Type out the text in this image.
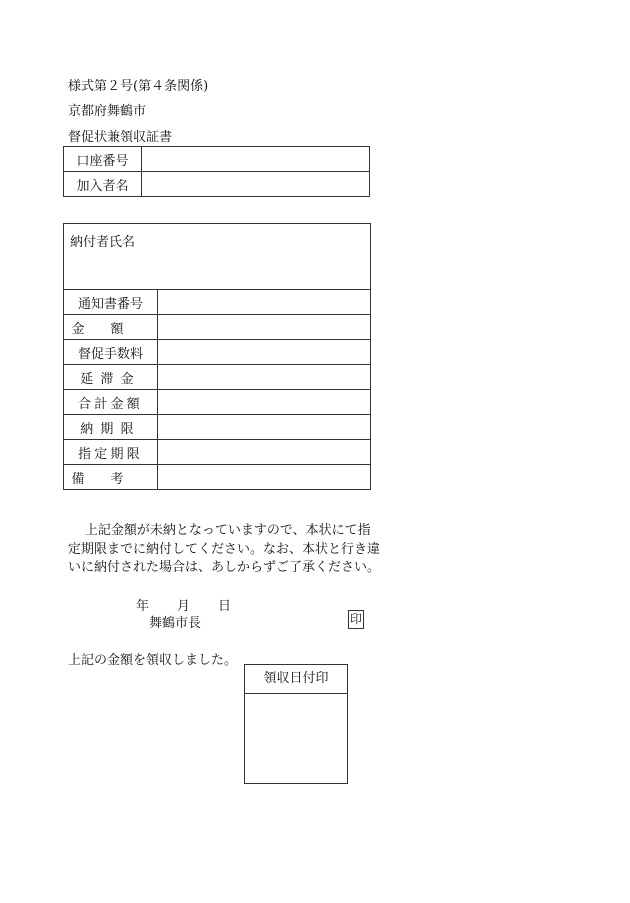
様式第２号(第４条関係)
京都府舞鶴市
督促状兼領収証書
口座番号	
加入者名	
納付者氏名
通知書番号	
金額	
督促手数料	
延滞金	
合計金額	
納期限	
指定期限	
備考	
上記金額が未納となっていますので、本状にて指定期限までに納付してください。なお、本状と行き違いに納付された場合は、あしからずご了承ください。
年 月 日
舞鶴市長	印
上記の金額を領収しました。
領収日付印
